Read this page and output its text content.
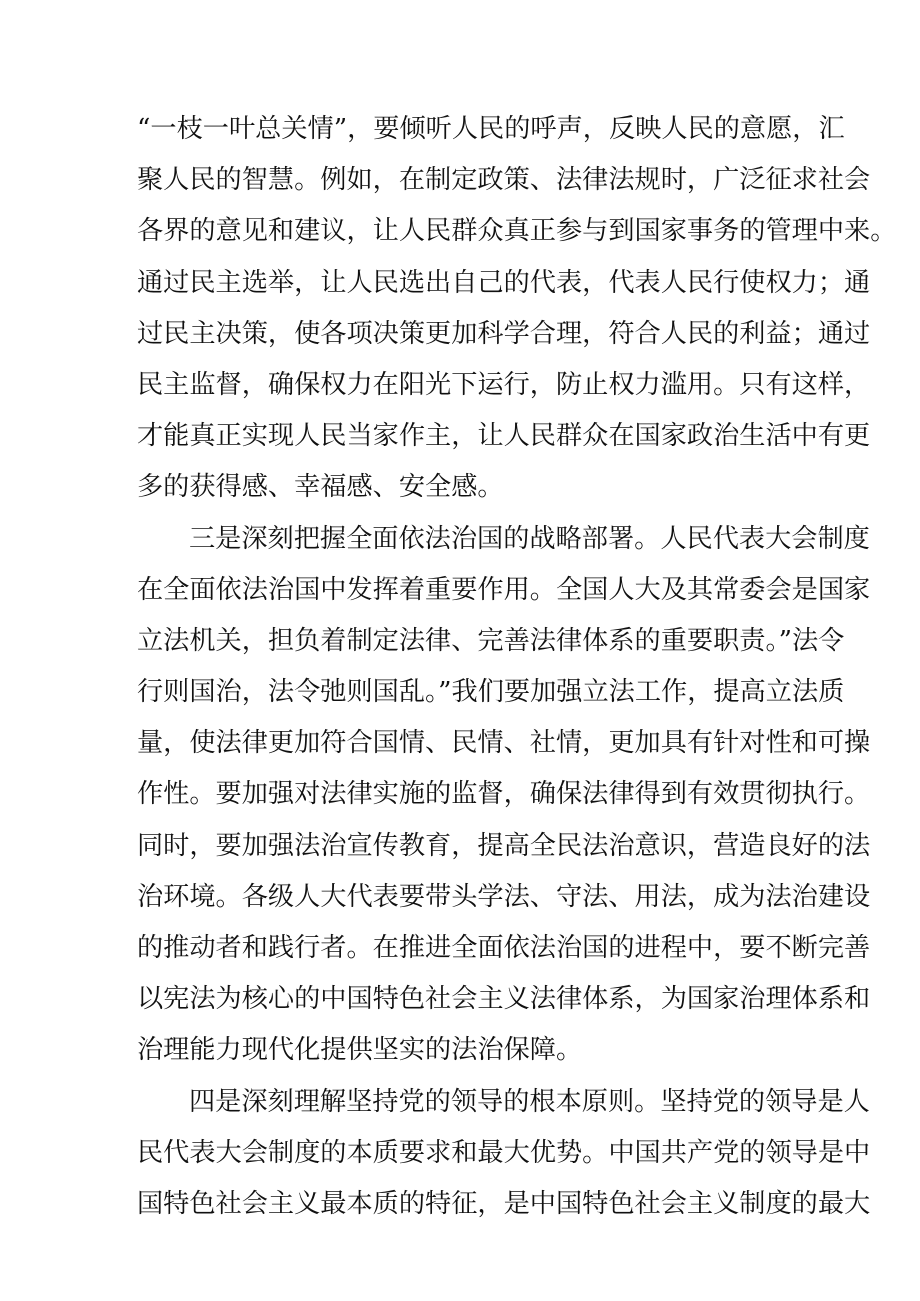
“一枝一叶总关情”，要倾听人民的呼声，反映人民的意愿，汇
聚人民的智慧。例如，在制定政策、法律法规时，广泛征求社会
各界的意见和建议，让人民群众真正参与到国家事务的管理中来。
通过民主选举，让人民选出自己的代表，代表人民行使权力；通
过民主决策，使各项决策更加科学合理，符合人民的利益；通过
民主监督，确保权力在阳光下运行，防止权力滥用。只有这样，
才能真正实现人民当家作主，让人民群众在国家政治生活中有更
多的获得感、幸福感、安全感。
三是深刻把握全面依法治国的战略部署。人民代表大会制度
在全面依法治国中发挥着重要作用。全国人大及其常委会是国家
立法机关，担负着制定法律、完善法律体系的重要职责。”法令
行则国治，法令弛则国乱。”我们要加强立法工作，提高立法质
量，使法律更加符合国情、民情、社情，更加具有针对性和可操
作性。要加强对法律实施的监督，确保法律得到有效贯彻执行。
同时，要加强法治宣传教育，提高全民法治意识，营造良好的法
治环境。各级人大代表要带头学法、守法、用法，成为法治建设
的推动者和践行者。在推进全面依法治国的进程中，要不断完善
以宪法为核心的中国特色社会主义法律体系，为国家治理体系和
治理能力现代化提供坚实的法治保障。
四是深刻理解坚持党的领导的根本原则。坚持党的领导是人
民代表大会制度的本质要求和最大优势。中国共产党的领导是中
国特色社会主义最本质的特征，是中国特色社会主义制度的最大
